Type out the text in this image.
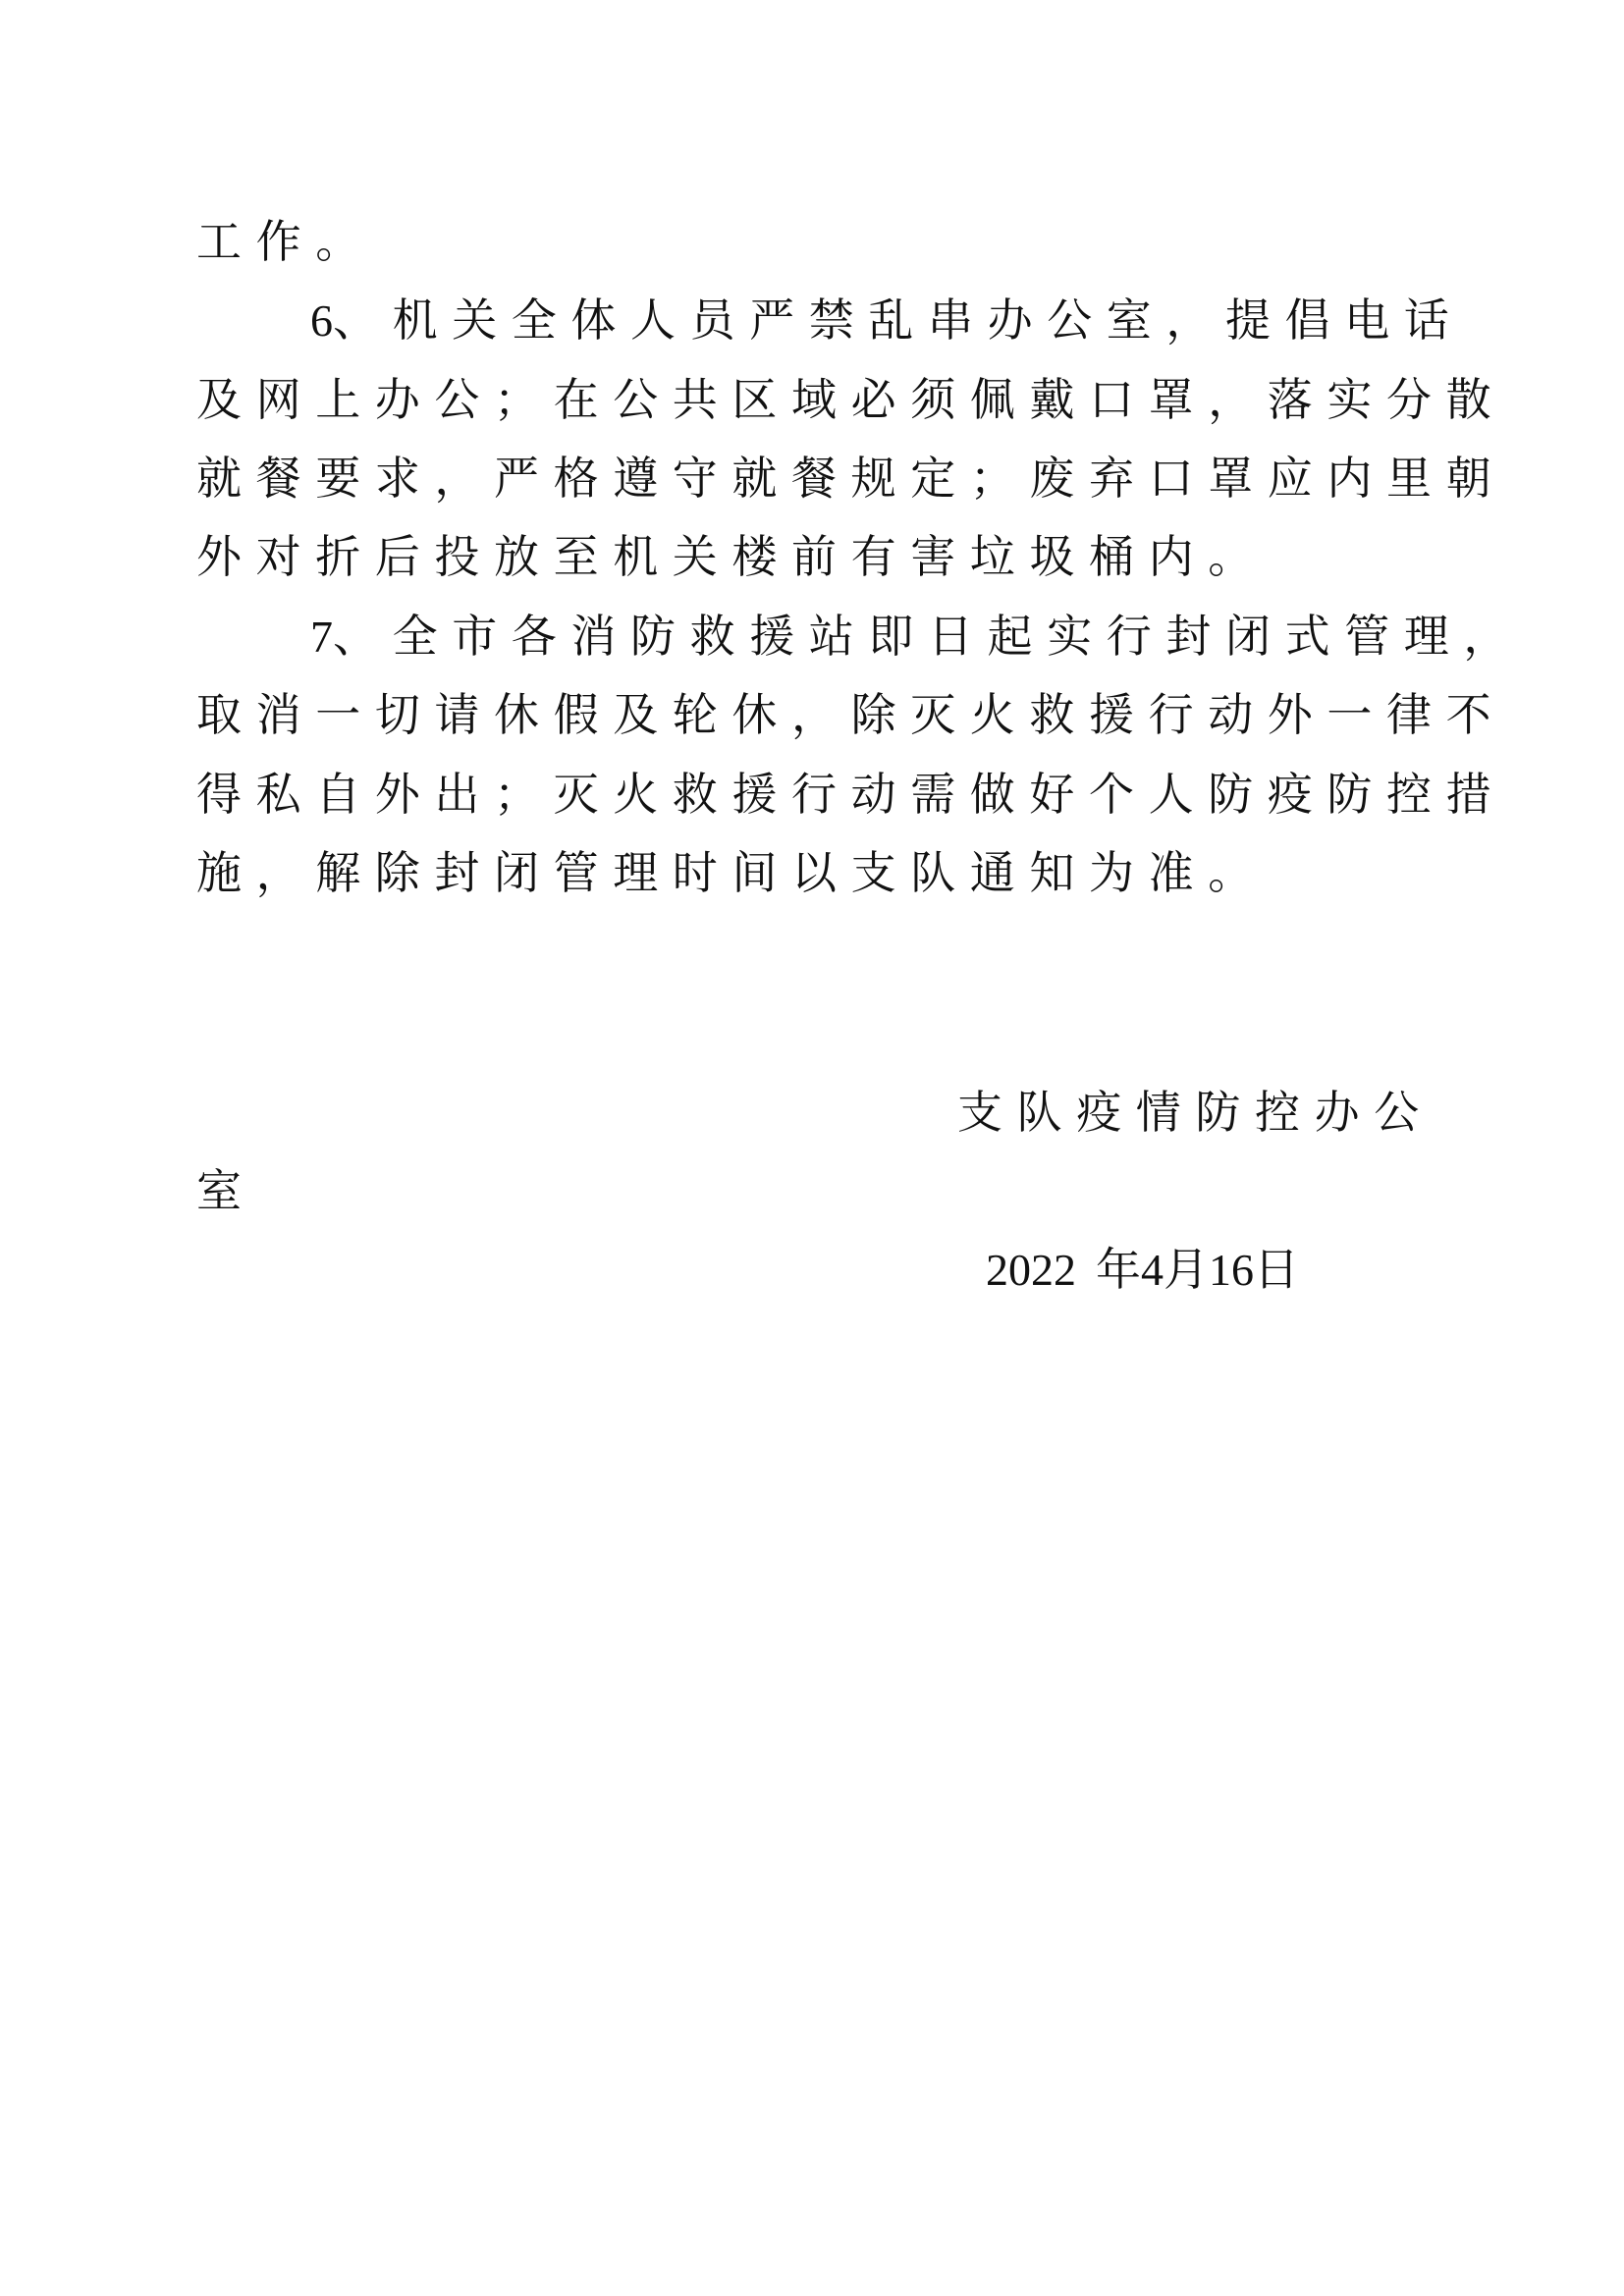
工作。
6、机关全体人员严禁乱串办公室，提倡电话
及网上办公；在公共区域必须佩戴口罩，落实分散
就餐要求，严格遵守就餐规定；废弃口罩应内里朝
外对折后投放至机关楼前有害垃圾桶内。
7、全市各消防救援站即日起实行封闭式管理，
取消一切请休假及轮休，除灭火救援行动外一律不
得私自外出；灭火救援行动需做好个人防疫防控措
施，解除封闭管理时间以支队通知为准。
支队疫情防控办公
室
2022 年4月16日
